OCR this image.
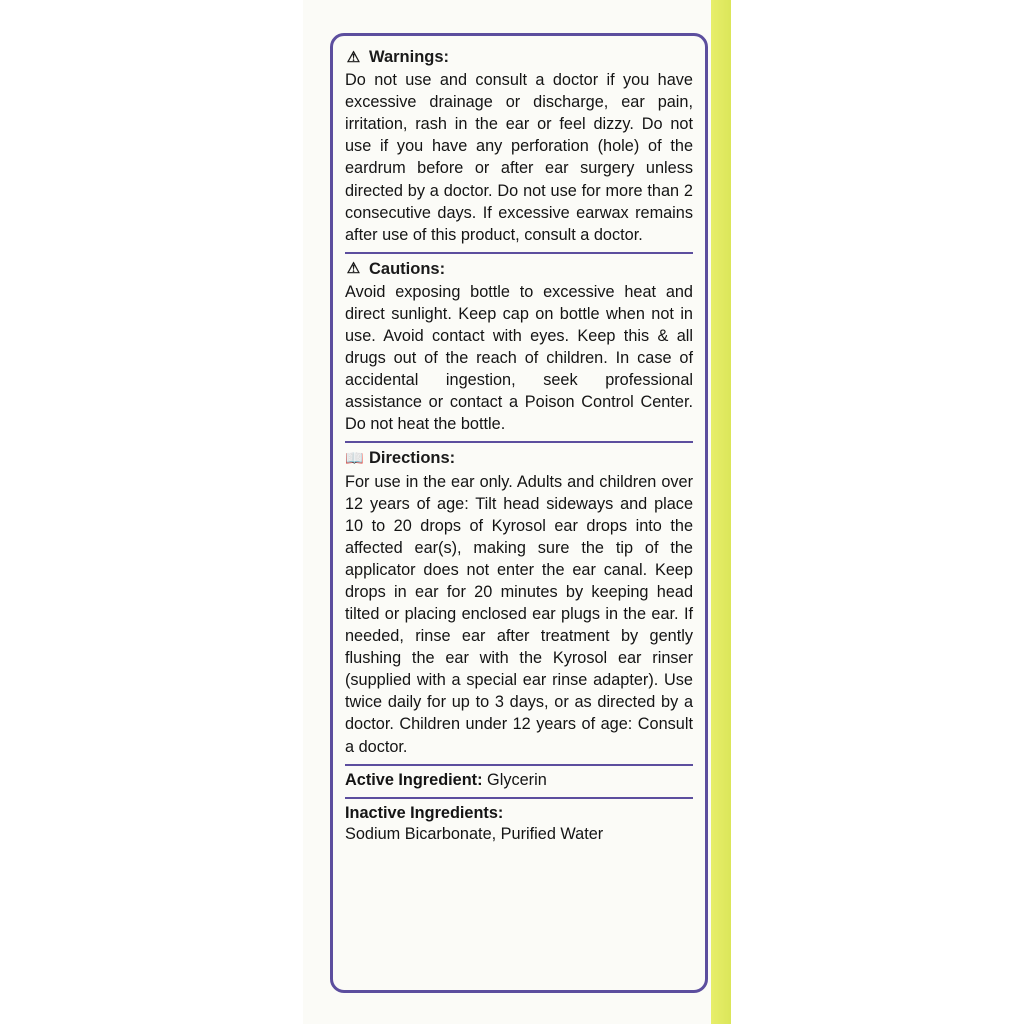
⚠ Warnings:

Do not use and consult a doctor if you have excessive drainage or discharge, ear pain, irritation, rash in the ear or feel dizzy. Do not use if you have any perforation (hole) of the eardrum before or after ear surgery unless directed by a doctor. Do not use for more than 2 consecutive days. If excessive earwax remains after use of this product, consult a doctor.

⚠ Cautions:

Avoid exposing bottle to excessive heat and direct sunlight. Keep cap on bottle when not in use. Avoid contact with eyes. Keep this & all drugs out of the reach of children. In case of accidental ingestion, seek professional assistance or contact a Poison Control Center. Do not heat the bottle.

📖 Directions:

For use in the ear only. Adults and children over 12 years of age: Tilt head sideways and place 10 to 20 drops of Kyrosol ear drops into the affected ear(s), making sure the tip of the applicator does not enter the ear canal. Keep drops in ear for 20 minutes by keeping head tilted or placing enclosed ear plugs in the ear. If needed, rinse ear after treatment by gently flushing the ear with the Kyrosol ear rinser (supplied with a special ear rinse adapter). Use twice daily for up to 3 days, or as directed by a doctor. Children under 12 years of age: Consult a doctor.

Active Ingredient: Glycerin
Inactive Ingredients:
Sodium Bicarbonate, Purified Water
